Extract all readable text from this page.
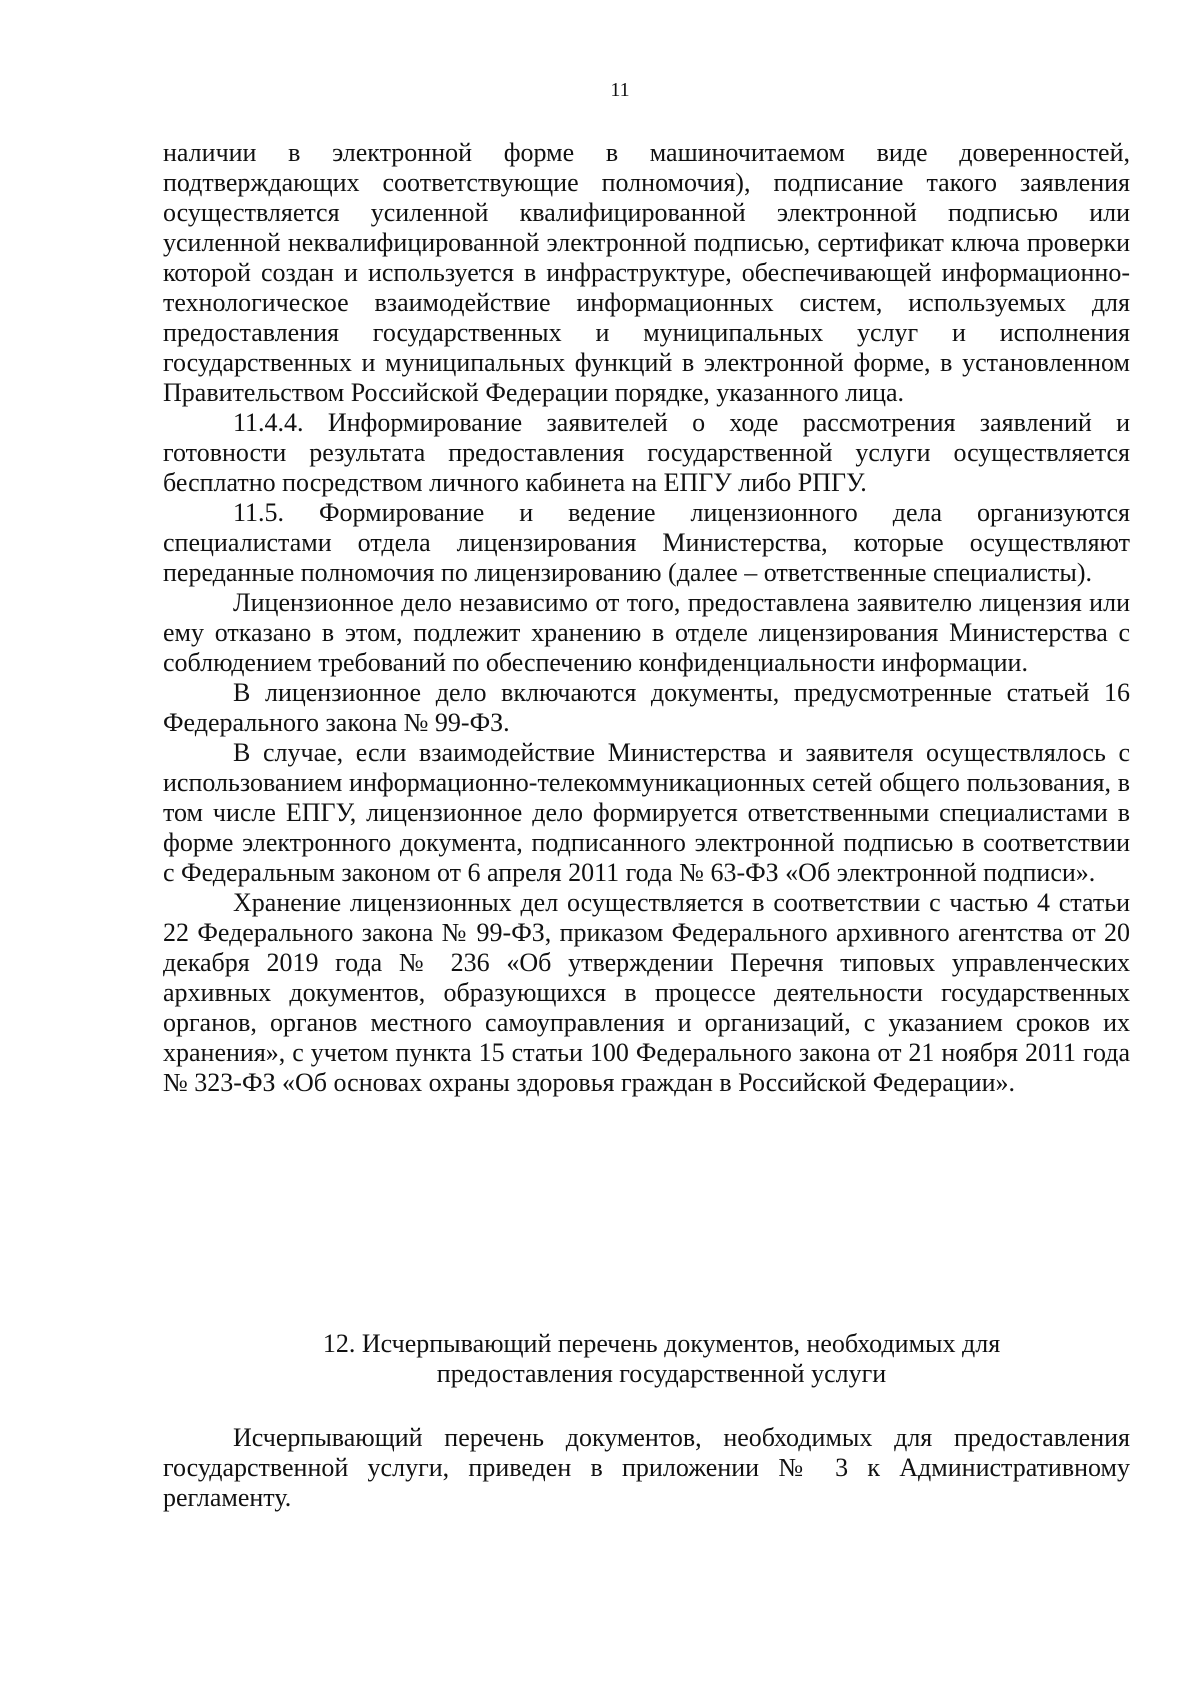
11

наличии в электронной форме в машиночитаемом виде доверенностей, подтверждающих соответствующие полномочия), подписание такого заявления осуществляется усиленной квалифицированной электронной подписью или усиленной неквалифицированной электронной подписью, сертификат ключа проверки которой создан и используется в инфраструктуре, обеспечивающей информационно-технологическое взаимодействие информационных систем, используемых для предоставления государственных и муниципальных услуг и исполнения государственных и муниципальных функций в электронной форме, в установленном Правительством Российской Федерации порядке, указанного лица.

11.4.4. Информирование заявителей о ходе рассмотрения заявлений и готовности результата предоставления государственной услуги осуществляется бесплатно посредством личного кабинета на ЕПГУ либо РПГУ.

11.5. Формирование и ведение лицензионного дела организуются специалистами отдела лицензирования Министерства, которые осуществляют переданные полномочия по лицензированию (далее – ответственные специалисты).

Лицензионное дело независимо от того, предоставлена заявителю лицензия или ему отказано в этом, подлежит хранению в отделе лицензирования Министерства с соблюдением требований по обеспечению конфиденциальности информации.

В лицензионное дело включаются документы, предусмотренные статьей 16 Федерального закона № 99-ФЗ.

В случае, если взаимодействие Министерства и заявителя осуществлялось с использованием информационно-телекоммуникационных сетей общего пользования, в том числе ЕПГУ, лицензионное дело формируется ответственными специалистами в форме электронного документа, подписанного электронной подписью в соответствии с Федеральным законом от 6 апреля 2011 года № 63-ФЗ «Об электронной подписи».

Хранение лицензионных дел осуществляется в соответствии с частью 4 статьи 22 Федерального закона № 99-ФЗ, приказом Федерального архивного агентства от 20 декабря 2019 года № 236 «Об утверждении Перечня типовых управленческих архивных документов, образующихся в процессе деятельности государственных органов, органов местного самоуправления и организаций, с указанием сроков их хранения», с учетом пункта 15 статьи 100 Федерального закона от 21 ноября 2011 года № 323-ФЗ «Об основах охраны здоровья граждан в Российской Федерации».

12. Исчерпывающий перечень документов, необходимых для
предоставления государственной услуги

Исчерпывающий перечень документов, необходимых для предоставления государственной услуги, приведен в приложении № 3 к Административному регламенту.
